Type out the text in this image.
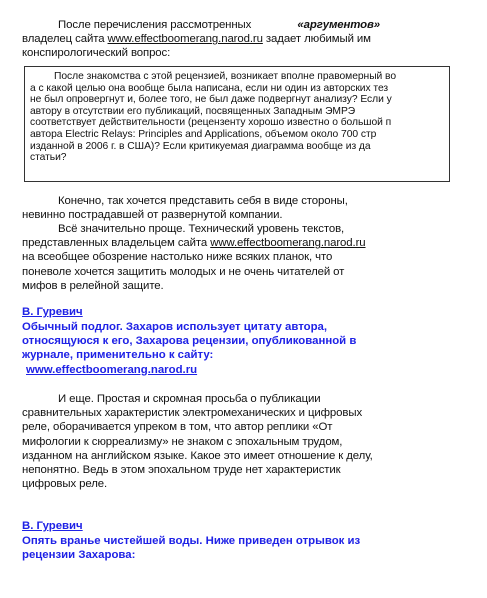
После перечисления рассмотренных	«аргументов»
владелец сайта www.effectboomerang.narod.ru задает любимый им
конспирологический вопрос:
После знакомства с этой рецензией, возникает вполне правомерный во
а с какой целью она вообще была написана, если ни один из авторских тез
не был опровергнут и, более того, не был даже подвергнут анализу? Если у
автору в отсутствии его публикаций, посвященных Западным ЭМРЭ
соответствует действительности (рецензенту хорошо известно о большой п
автора Electric Relays: Principles and Applications, объемом около 700 стр
изданной в 2006 г. в США)? Если критикуемая диаграмма вообще из да
статьи?
Конечно, так хочется представить себя в виде стороны,
невинно пострадавшей от развернутой компании.
Всё значительно проще. Технический уровень текстов,
представленных владельцем сайта www.effectboomerang.narod.ru
на всеобщее обозрение настолько ниже всяких планок, что
поневоле хочется защитить молодых и не очень читателей от
мифов в релейной защите.
В. Гуревич
Обычный подлог. Захаров использует цитату автора,
относящуюся к его, Захарова рецензии, опубликованной в
журнале, применительно к сайту:
www.effectboomerang.narod.ru
И еще. Простая и скромная просьба о публикации
сравнительных характеристик электромеханических и цифровых
реле, оборачивается упреком в том, что автор реплики «От
мифологии к сюрреализму» не знаком с эпохальным трудом,
изданном на английском языке. Какое это имеет отношение к делу,
непонятно. Ведь в этом эпохальном труде нет характеристик
цифровых реле.
В. Гуревич
Опять вранье чистейшей воды. Ниже приведен отрывок из
рецензии Захарова:
